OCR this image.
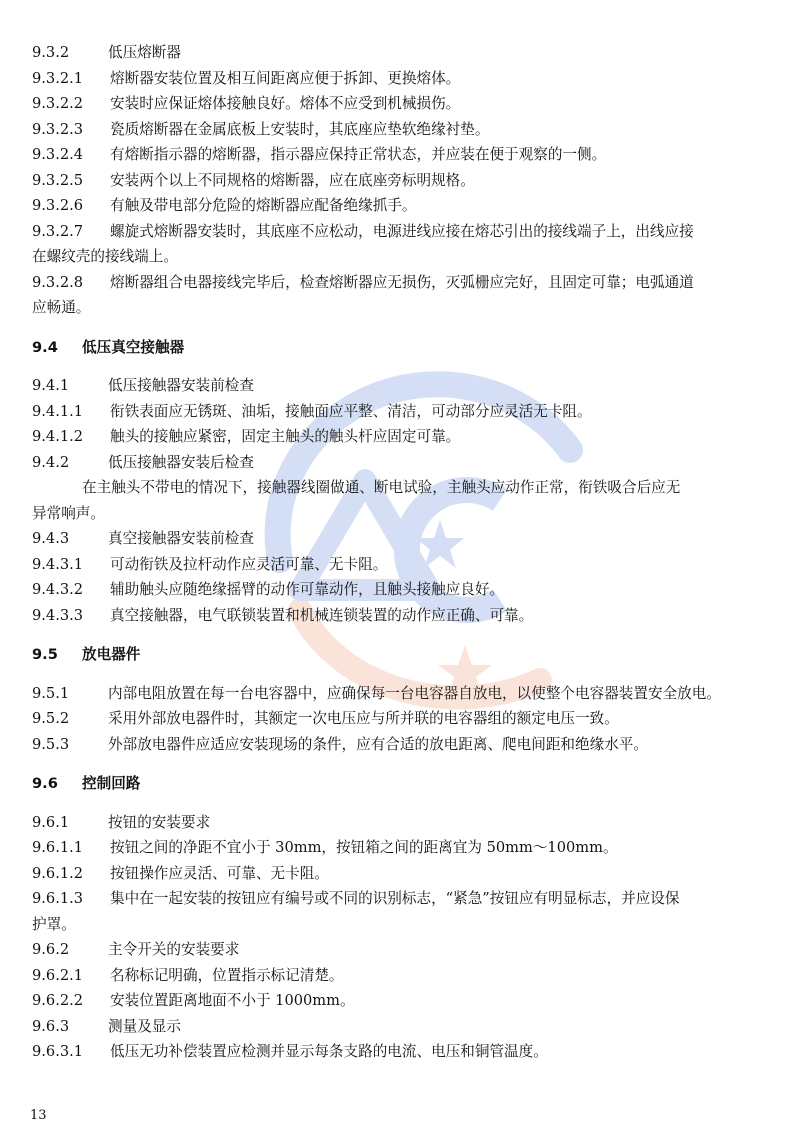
9.3.2	低压熔断器
9.3.2.1	熔断器安装位置及相互间距离应便于拆卸、更换熔体。
9.3.2.2	安装时应保证熔体接触良好。熔体不应受到机械损伤。
9.3.2.3	瓷质熔断器在金属底板上安装时，其底座应垫软绝缘衬垫。
9.3.2.4	有熔断指示器的熔断器，指示器应保持正常状态，并应装在便于观察的一侧。
9.3.2.5	安装两个以上不同规格的熔断器，应在底座旁标明规格。
9.3.2.6	有触及带电部分危险的熔断器应配备绝缘抓手。
9.3.2.7	螺旋式熔断器安装时，其底座不应松动，电源进线应接在熔芯引出的接线端子上，出线应接
在螺纹壳的接线端上。
9.3.2.8	熔断器组合电器接线完毕后，检查熔断器应无损伤，灭弧栅应完好，且固定可靠；电弧通道
应畅通。
9.4	低压真空接触器
9.4.1	低压接触器安装前检查
9.4.1.1	衔铁表面应无锈斑、油垢，接触面应平整、清洁，可动部分应灵活无卡阻。
9.4.1.2	触头的接触应紧密，固定主触头的触头杆应固定可靠。
9.4.2	低压接触器安装后检查
在主触头不带电的情况下，接触器线圈做通、断电试验，主触头应动作正常，衔铁吸合后应无
异常响声。
9.4.3	真空接触器安装前检查
9.4.3.1	可动衔铁及拉杆动作应灵活可靠、无卡阻。
9.4.3.2	辅助触头应随绝缘摇臂的动作可靠动作，且触头接触应良好。
9.4.3.3	真空接触器，电气联锁装置和机械连锁装置的动作应正确、可靠。
9.5	放电器件
9.5.1	内部电阻放置在每一台电容器中，应确保每一台电容器自放电，以使整个电容器装置安全放电。
9.5.2	采用外部放电器件时，其额定一次电压应与所并联的电容器组的额定电压一致。
9.5.3	外部放电器件应适应安装现场的条件，应有合适的放电距离、爬电间距和绝缘水平。
9.6	控制回路
9.6.1	按钮的安装要求
9.6.1.1	按钮之间的净距不宜小于 30mm，按钮箱之间的距离宜为 50mm～100mm。
9.6.1.2	按钮操作应灵活、可靠、无卡阻。
9.6.1.3	集中在一起安装的按钮应有编号或不同的识别标志，“紧急”按钮应有明显标志，并应设保
护罩。
9.6.2	主令开关的安装要求
9.6.2.1	名称标记明确，位置指示标记清楚。
9.6.2.2	安装位置距离地面不小于 1000mm。
9.6.3	测量及显示
9.6.3.1	低压无功补偿装置应检测并显示每条支路的电流、电压和铜管温度。
13
